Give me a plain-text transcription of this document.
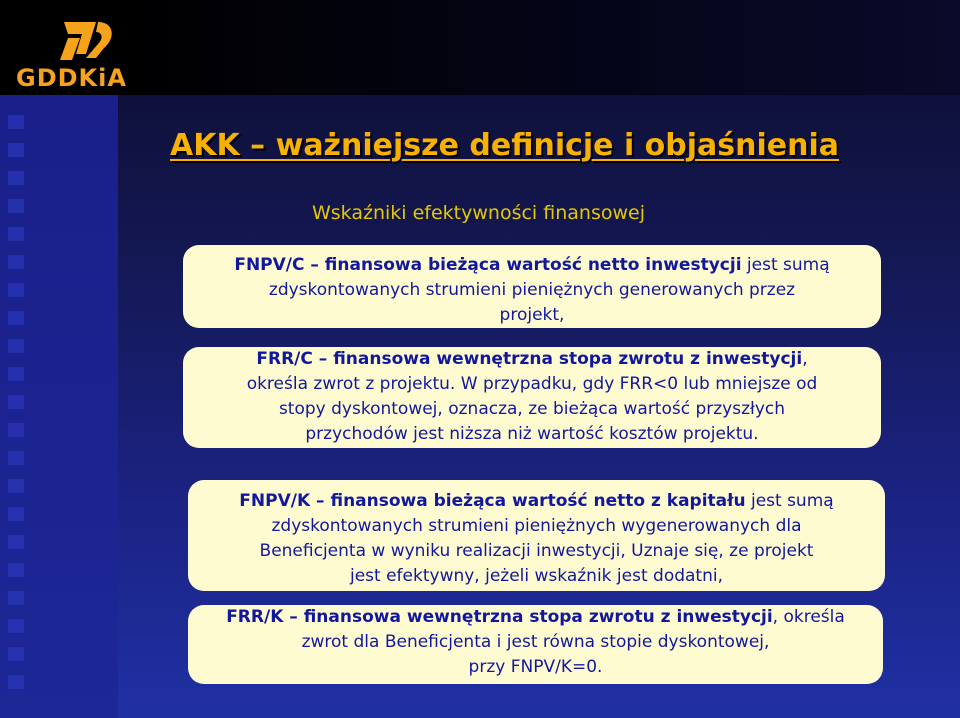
GDDKiA
AKK – ważniejsze definicje i objaśnienia
Wskaźniki efektywności finansowej
FNPV/C – finansowa bieżąca wartość netto inwestycji jest sumą
zdyskontowanych strumieni pieniężnych generowanych przez
projekt,
FRR/C – finansowa wewnętrzna stopa zwrotu z inwestycji,
określa zwrot z projektu. W przypadku, gdy FRR<0 lub mniejsze od
stopy dyskontowej, oznacza, ze bieżąca wartość przyszłych
przychodów jest niższa niż wartość kosztów projektu.
FNPV/K – finansowa bieżąca wartość netto z kapitału jest sumą
zdyskontowanych strumieni pieniężnych wygenerowanych dla
Beneficjenta w wyniku realizacji inwestycji, Uznaje się, ze projekt
jest efektywny, jeżeli wskaźnik jest dodatni,
FRR/K – finansowa wewnętrzna stopa zwrotu z inwestycji, określa
zwrot dla Beneficjenta i jest równa stopie dyskontowej,
przy FNPV/K=0.
